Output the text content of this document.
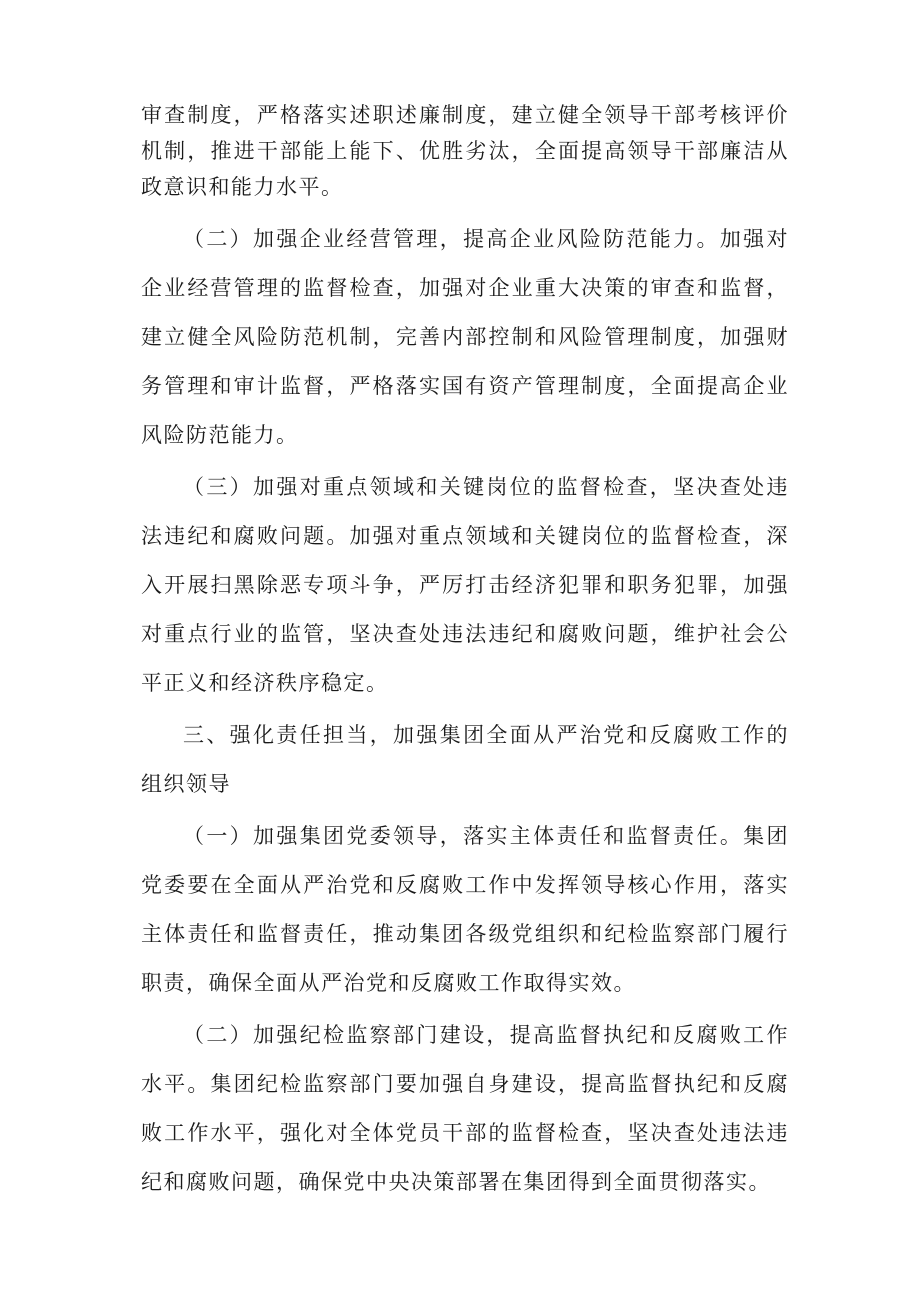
审查制度，严格落实述职述廉制度，建立健全领导干部考核评价机制，推进干部能上能下、优胜劣汰，全面提高领导干部廉洁从政意识和能力水平。

（二）加强企业经营管理，提高企业风险防范能力。加强对企业经营管理的监督检查，加强对企业重大决策的审查和监督，建立健全风险防范机制，完善内部控制和风险管理制度，加强财务管理和审计监督，严格落实国有资产管理制度，全面提高企业风险防范能力。

（三）加强对重点领域和关键岗位的监督检查，坚决查处违法违纪和腐败问题。加强对重点领域和关键岗位的监督检查，深入开展扫黑除恶专项斗争，严厉打击经济犯罪和职务犯罪，加强对重点行业的监管，坚决查处违法违纪和腐败问题，维护社会公平正义和经济秩序稳定。

三、强化责任担当，加强集团全面从严治党和反腐败工作的组织领导

（一）加强集团党委领导，落实主体责任和监督责任。集团党委要在全面从严治党和反腐败工作中发挥领导核心作用，落实主体责任和监督责任，推动集团各级党组织和纪检监察部门履行职责，确保全面从严治党和反腐败工作取得实效。

（二）加强纪检监察部门建设，提高监督执纪和反腐败工作水平。集团纪检监察部门要加强自身建设，提高监督执纪和反腐败工作水平，强化对全体党员干部的监督检查，坚决查处违法违纪和腐败问题，确保党中央决策部署在集团得到全面贯彻落实。
